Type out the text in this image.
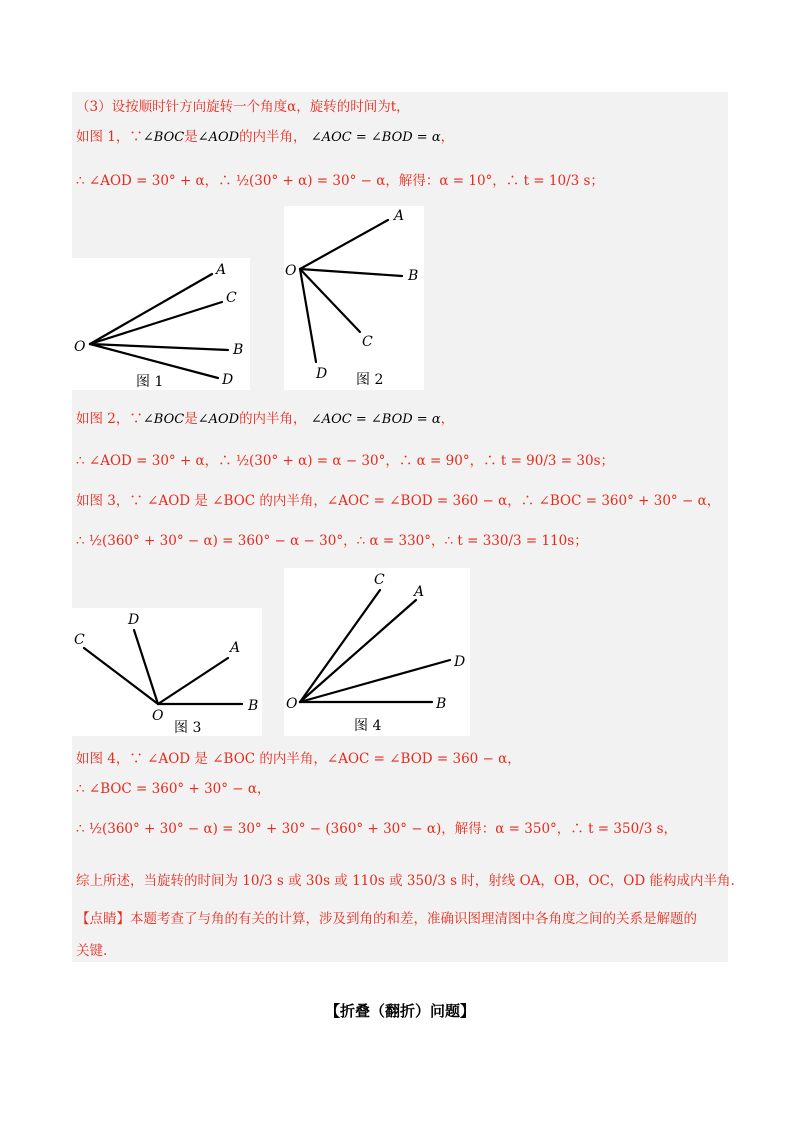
（3）设按顺时针方向旋转一个角度α，旋转的时间为t，
如图 1，∵∠BOC是∠AOD的内半角， ∠AOC = ∠BOD = α，
∴ ∠AOD = 30° + α，∴ ½(30° + α) = 30° − α，解得：α = 10°，∴ t = 10/3 s；
A
C
B
D
O
图 1
A
B
C
D
O
图 2
如图 2，∵∠BOC是∠AOD的内半角， ∠AOC = ∠BOD = α，
∴ ∠AOD = 30° + α，∴ ½(30° + α) = α − 30°，∴ α = 90°，∴ t = 90/3 = 30s；
如图 3，∵ ∠AOD 是 ∠BOC 的内半角，∠AOC = ∠BOD = 360 − α，∴ ∠BOC = 360° + 30° − α，
∴ ½(360° + 30° − α) = 360° − α − 30°，∴ α = 330°，∴ t = 330/3 = 110s；
C
D
A
B
O
图 3
C
A
D
B
O
图 4
如图 4，∵ ∠AOD 是 ∠BOC 的内半角，∠AOC = ∠BOD = 360 − α，
∴ ∠BOC = 360° + 30° − α，
∴ ½(360° + 30° − α) = 30° + 30° − (360° + 30° − α)，解得：α = 350°，∴ t = 350/3 s，
综上所述，当旋转的时间为 10/3 s 或 30s 或 110s 或 350/3 s 时，射线 OA，OB，OC，OD 能构成内半角.
【点睛】本题考查了与角的有关的计算，涉及到角的和差，准确识图理清图中各角度之间的关系是解题的
关键.
【折叠（翻折）问题】
